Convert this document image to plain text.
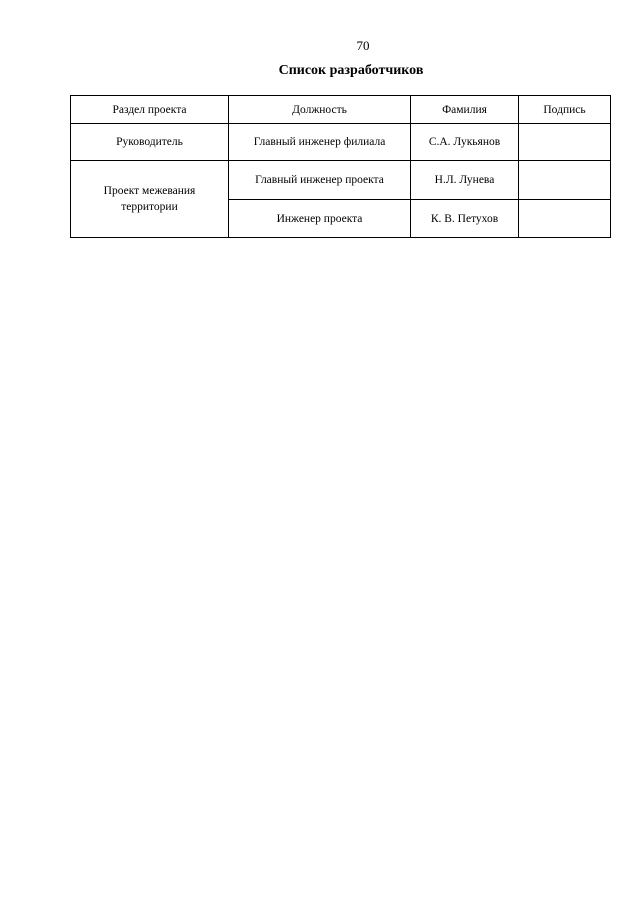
70
Список разработчиков
Раздел проекта	Должность	Фамилия	Подпись
Руководитель	Главный инженер филиала	С.А. Лукьянов	
Проект межевания территории	Главный инженер проекта	Н.Л. Лунева	
	Инженер проекта	К. В. Петухов	
